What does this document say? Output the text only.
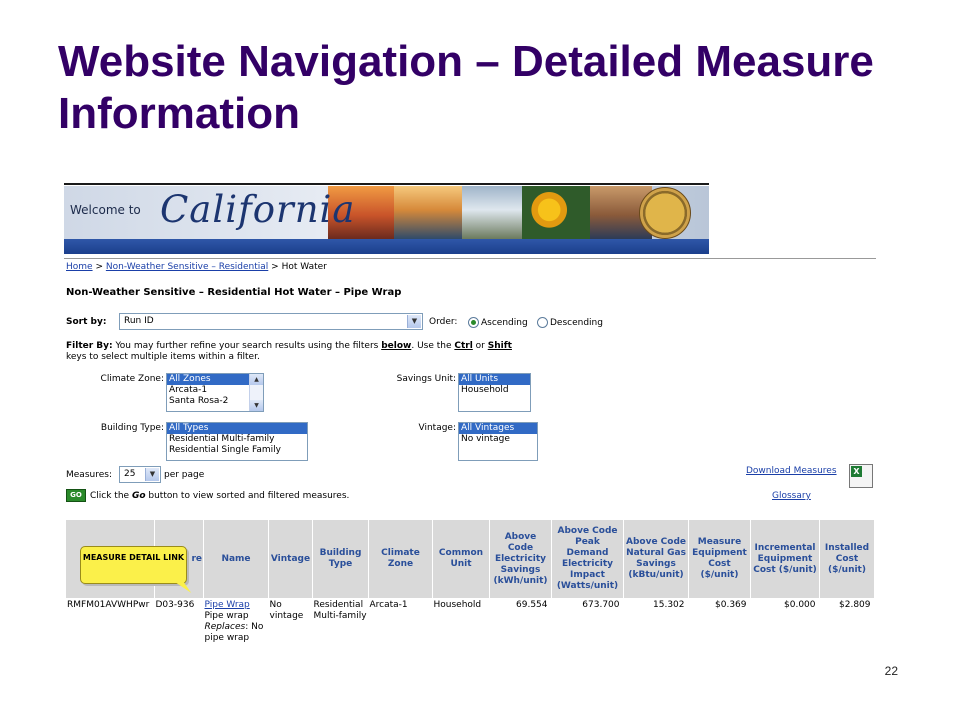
Website Navigation – Detailed Measure Information
Welcome to California
Home > Non-Weather Sensitive – Residential > Hot Water
Non-Weather Sensitive – Residential Hot Water – Pipe Wrap
Sort by: Run ID	▼	Order:	Ascending Descending
Filter By: You may further refine your search results using the filters below. Use the Ctrl or Shift
keys to select multiple items within a filter.
Climate Zone: All Zones
Arcata-1
Santa Rosa-2
▲
▼
Savings Unit: All Units
Household
Building Type: All Types
Residential Multi-family
Residential Single Family
Vintage: All Vintages
No vintage
Measures: 25	▼ per page	Download Measures
X
GO Click the Go button to view sorted and filtered measures.	Glossary
	re	Name	Vintage	Building Type	Climate Zone	Common Unit	Above Code Electricity Savings (kWh/unit)	Above Code Peak Demand Electricity Impact (Watts/unit)	Above Code Natural Gas Savings (kBtu/unit)	Measure Equipment Cost ($/unit)	Incremental Equipment Cost ($/unit)	Installed Cost ($/unit)
RMFM01AVWHPwr	D03-936	Pipe Wrap
Pipe wrap
Replaces: No pipe wrap	No vintage	Residential Multi-family	Arcata-1	Household	69.554	673.700	15.302	$0.369	$0.000	$2.809
MEASURE DETAIL LINK
22
